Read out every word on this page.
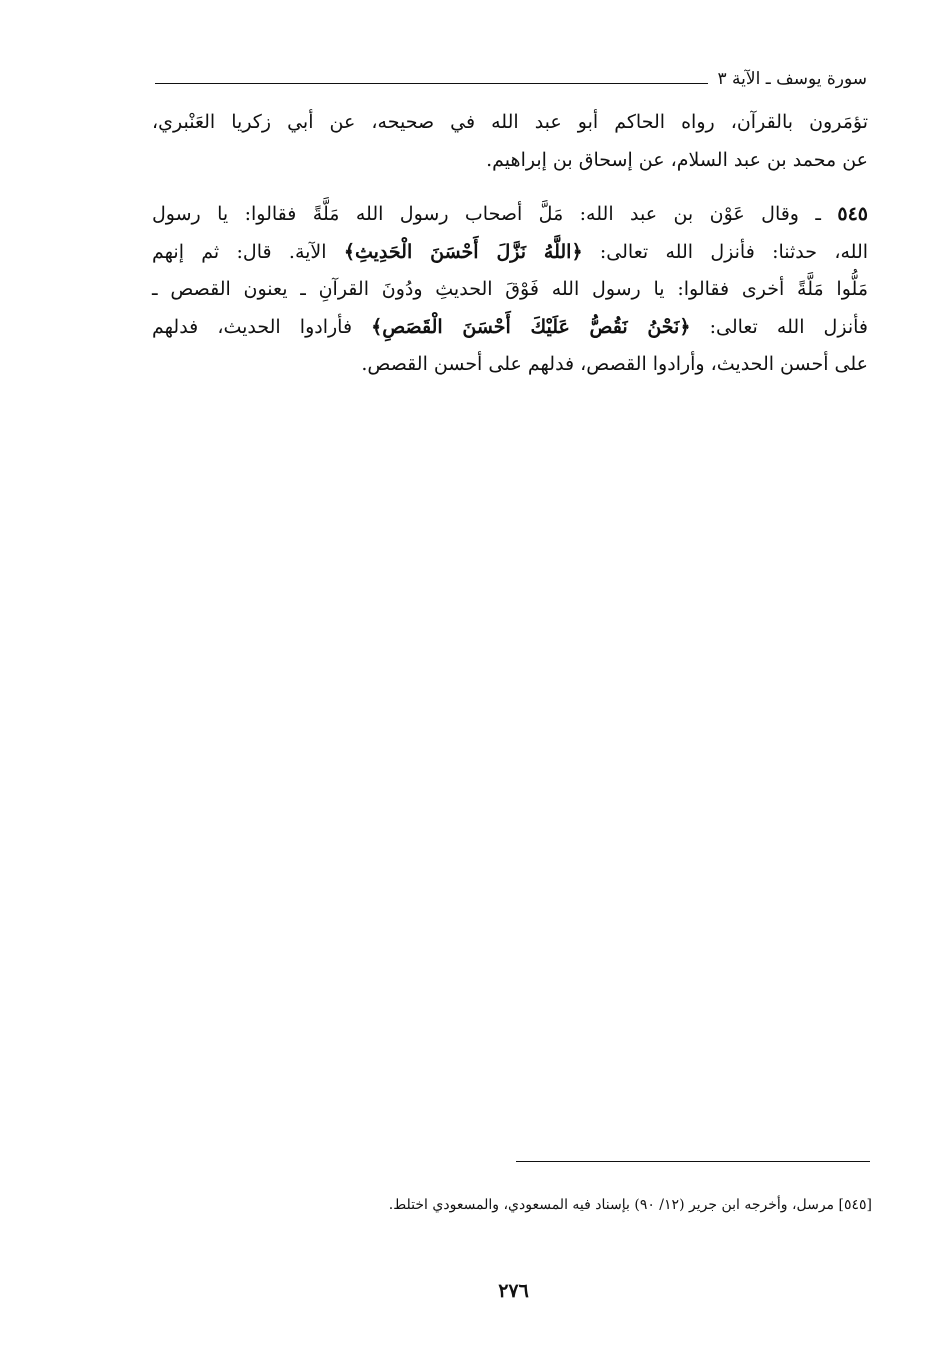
سورة يوسف ـ الآية ٣
تؤمَرون بالقرآن، رواه الحاكم أبو عبد الله في صحيحه، عن أبي زكريا العَنْبري،
عن محمد بن عبد السلام، عن إسحاق بن إبراهيم.
٥٤٥ ـ وقال عَوْن بن عبد الله: مَلَّ أصحاب رسول الله مَلَّةً فقالوا: يا رسول
الله، حدثنا: فأنزل الله تعالى: ﴿اللَّهُ نَزَّلَ أَحْسَنَ الْحَدِيثِ﴾ الآية. قال: ثم إنهم
مَلُّوا مَلَّةً أخرى فقالوا: يا رسول الله فَوْقَ الحديثِ ودُونَ القرآنِ ـ يعنون القصص ـ
فأنزل الله تعالى: ﴿نَحْنُ نَقُصُّ عَلَيْكَ أَحْسَنَ الْقَصَصِ﴾ فأرادوا الحديث، فدلهم
على أحسن الحديث، وأرادوا القصص، فدلهم على أحسن القصص.
[٥٤٥] مرسل، وأخرجه ابن جرير (١٢/ ٩٠) بإسناد فيه المسعودي، والمسعودي اختلط.
٢٧٦
